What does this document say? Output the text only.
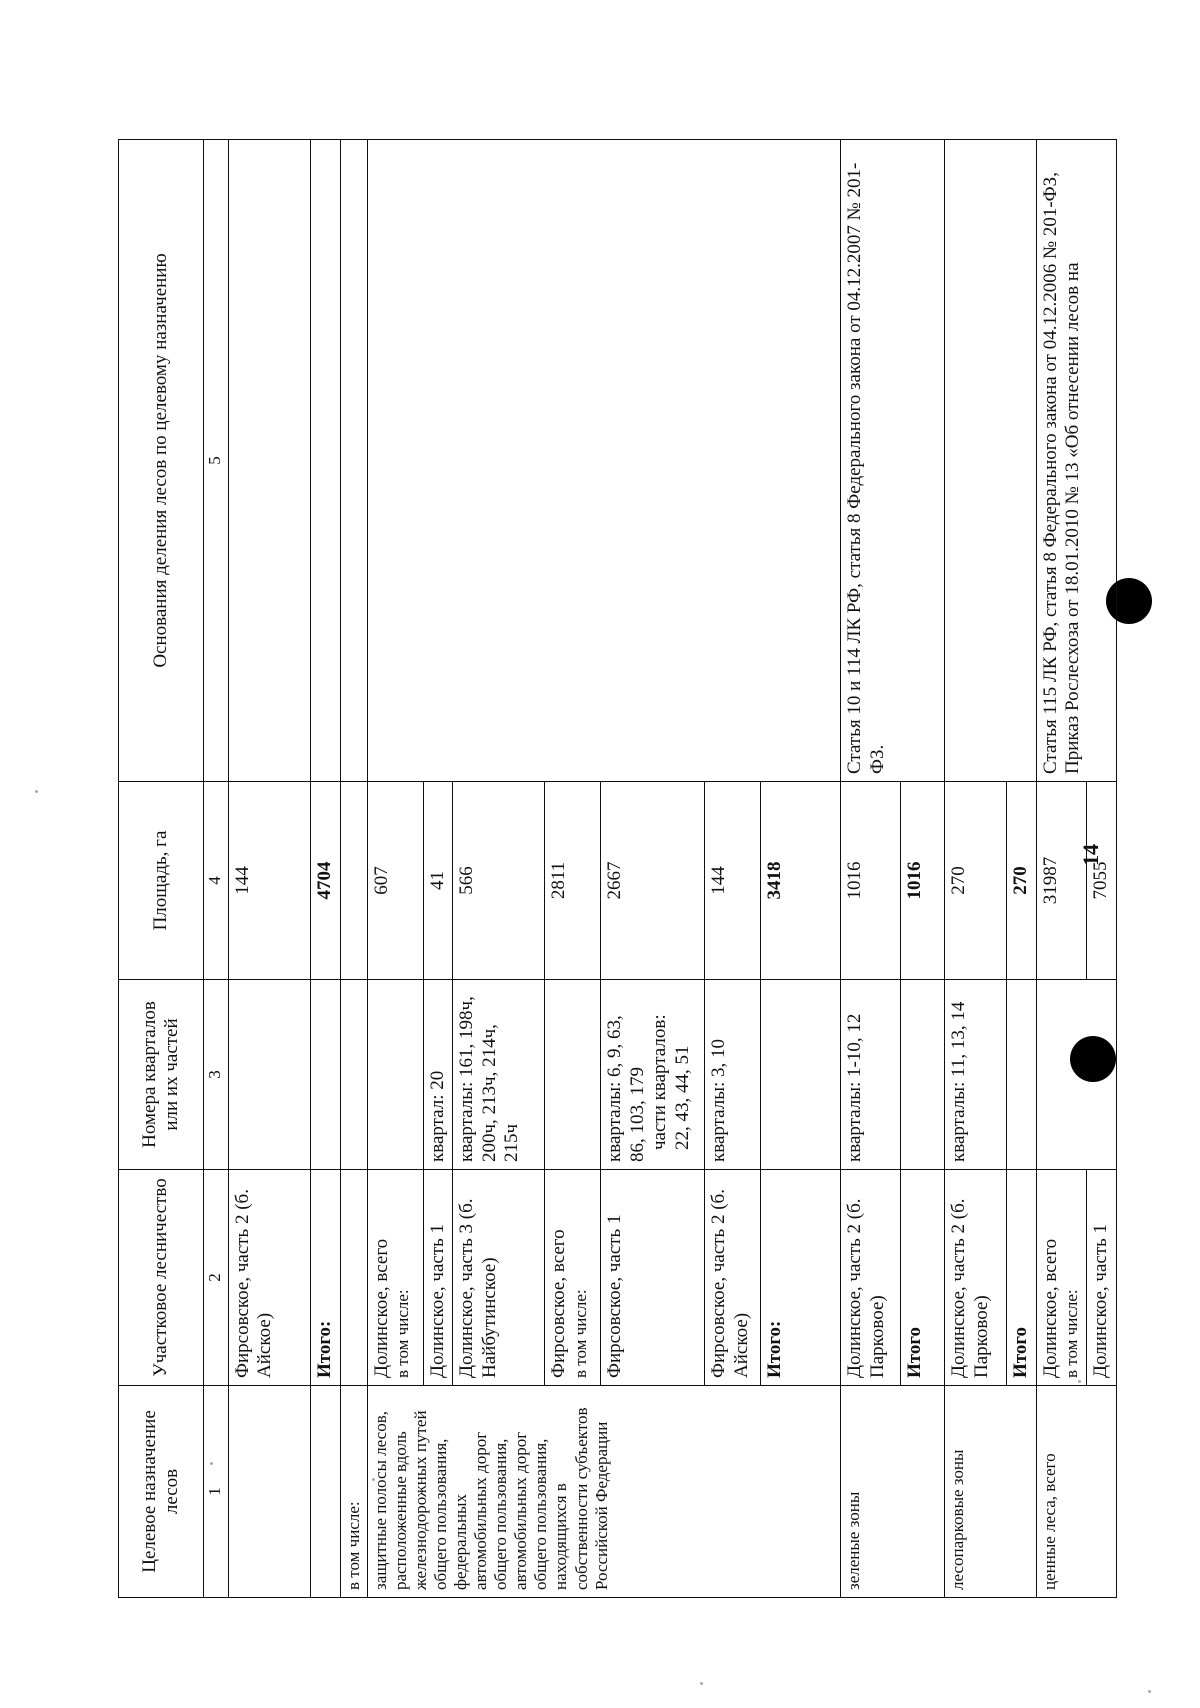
14
Целевое назначение лесов	Участковое лесничество	Номера кварталов или их частей	Площадь, га	Основания деления лесов по целевому назначению
1	2	3	4	5
	Фирсовское, часть 2 (б. Айское)		144	
	Итого:		4704	
в том числе:				
защитные полосы лесов, расположенные вдоль железнодорожных путей общего пользования, федеральных автомобильных дорог общего пользования, автомобильных дорог общего пользования, находящихся в собственности субъектов Российской Федерации	Долинское, всего в том числе:		607	
	Долинское, часть 1	квартал: 20	41	
	Долинское, часть 3 (б. Найбутинское)	кварталы: 161, 198ч, 200ч, 213ч, 214ч, 215ч	566	

	Фирсовское, всего в том числе:		2811	
	Фирсовское, часть 1	кварталы: 6, 9, 63, 86, 103, 179 части кварталов: 22, 43, 44, 51	2667	
	Фирсовское, часть 2 (б. Айское)	кварталы: 3, 10	144	
	Итого:		3418	
зеленые зоны	Долинское, часть 2 (б. Парковое)	кварталы: 1-10, 12	1016	Статья 10 и 114 ЛК РФ, статья 8 Федерального закона от 04.12.2007 № 201-ФЗ.
	Итого		1016	
лесопарковые зоны	Долинское, часть 2 (б. Парковое)	кварталы: 11, 13, 14	270	
	Итого		270	
ценные леса, всего	Долинское, всего в том числе:		31987	Статья 115 ЛК РФ, статья 8 Федерального закона от 04.12.2006 № 201-ФЗ, Приказ Рослесхоза от 18.01.2010 № 13 «Об отнесении лесов на
	Долинское, часть 1		7055	
